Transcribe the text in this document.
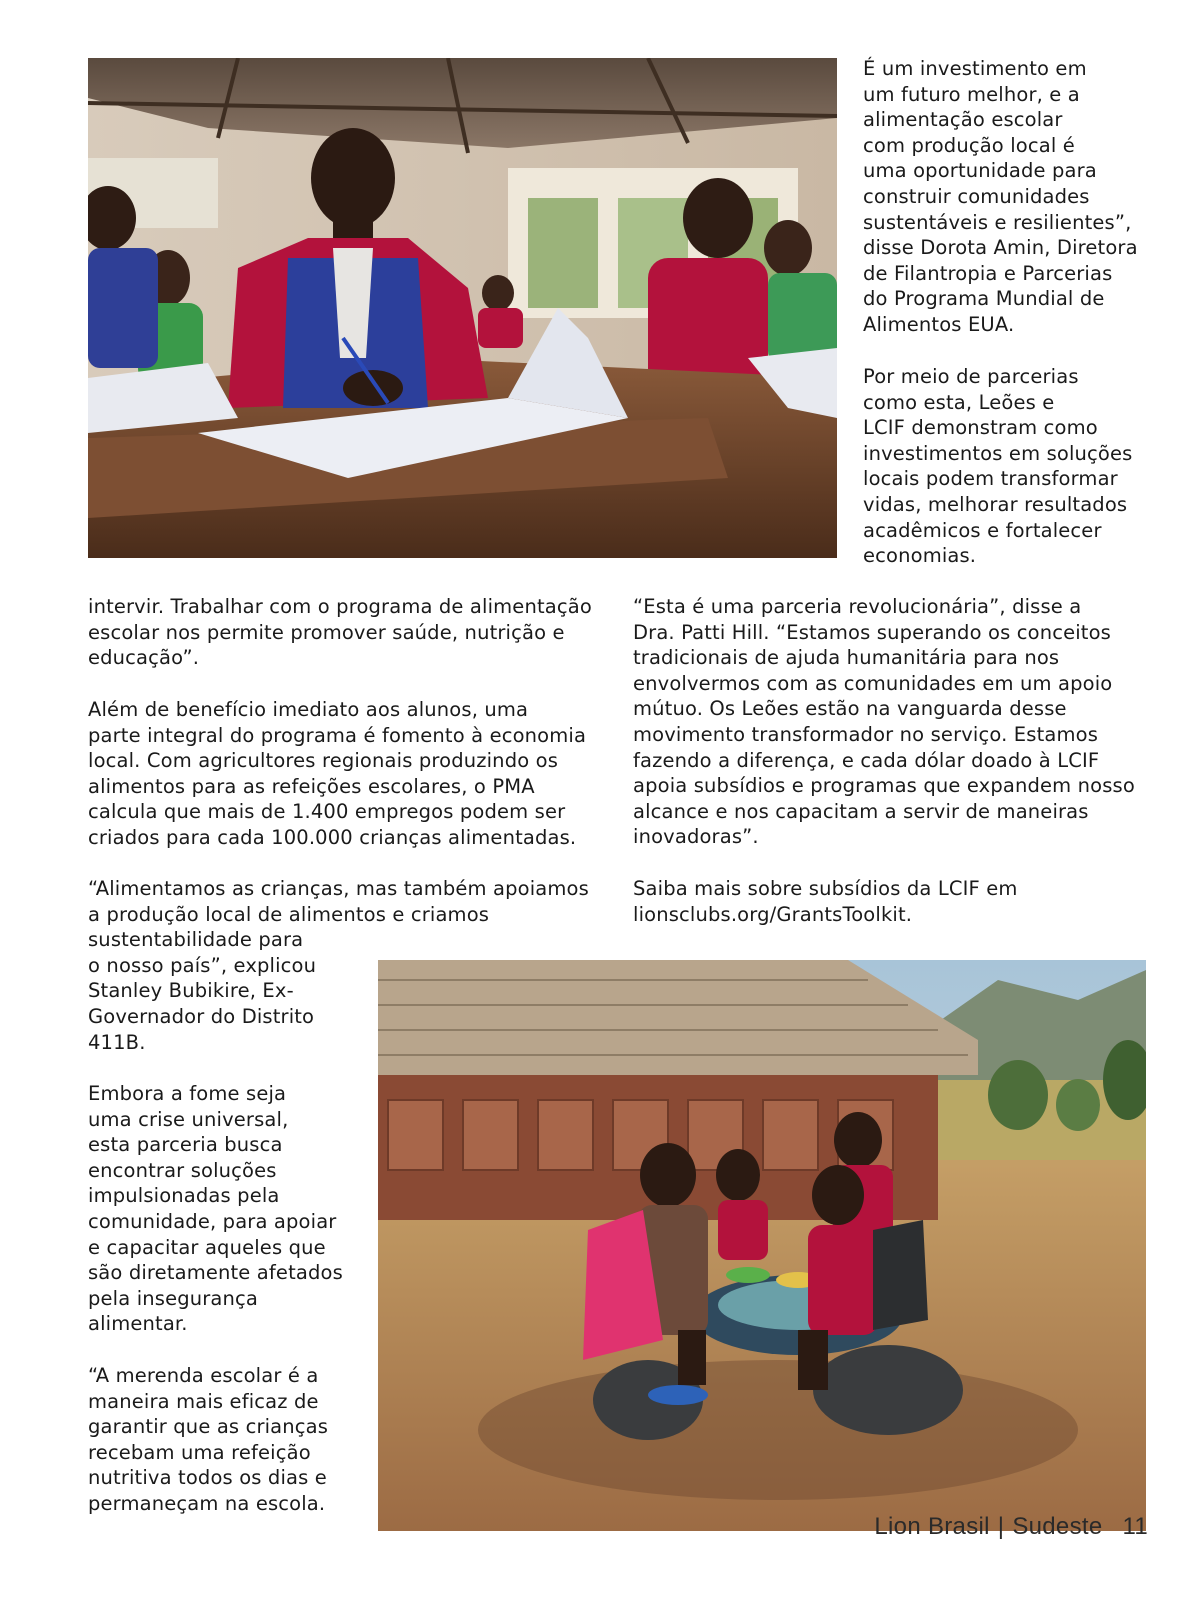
É um investimento em
um futuro melhor, e a
alimentação escolar
com produção local é
uma oportunidade para
construir comunidades
sustentáveis e resilientes”,
disse Dorota Amin, Diretora
de Filantropia e Parcerias
do Programa Mundial de
Alimentos EUA.

Por meio de parcerias
como esta, Leões e
LCIF demonstram como
investimentos em soluções
locais podem transformar
vidas, melhorar resultados
acadêmicos e fortalecer
economias.

intervir. Trabalhar com o programa de alimentação
escolar nos permite promover saúde, nutrição e
educação”.

Além de benefício imediato aos alunos, uma
parte integral do programa é fomento à economia
local. Com agricultores regionais produzindo os
alimentos para as refeições escolares, o PMA
calcula que mais de 1.400 empregos podem ser
criados para cada 100.000 crianças alimentadas.

“Alimentamos as crianças, mas também apoiamos
a produção local de alimentos e criamos
sustentabilidade para
o nosso país”, explicou
Stanley Bubikire, Ex-
Governador do Distrito
411B.

Embora a fome seja
uma crise universal,
esta parceria busca
encontrar soluções
impulsionadas pela
comunidade, para apoiar
e capacitar aqueles que
são diretamente afetados
pela insegurança
alimentar.

“A merenda escolar é a
maneira mais eficaz de
garantir que as crianças
recebam uma refeição
nutritiva todos os dias e
permaneçam na escola.

“Esta é uma parceria revolucionária”, disse a
Dra. Patti Hill. “Estamos superando os conceitos
tradicionais de ajuda humanitária para nos
envolvermos com as comunidades em um apoio
mútuo. Os Leões estão na vanguarda desse
movimento transformador no serviço. Estamos
fazendo a diferença, e cada dólar doado à LCIF
apoia subsídios e programas que expandem nosso
alcance e nos capacitam a servir de maneiras
inovadoras”.

Saiba mais sobre subsídios da LCIF em
lionsclubs.org/GrantsToolkit.

Lion Brasil | Sudeste 11
